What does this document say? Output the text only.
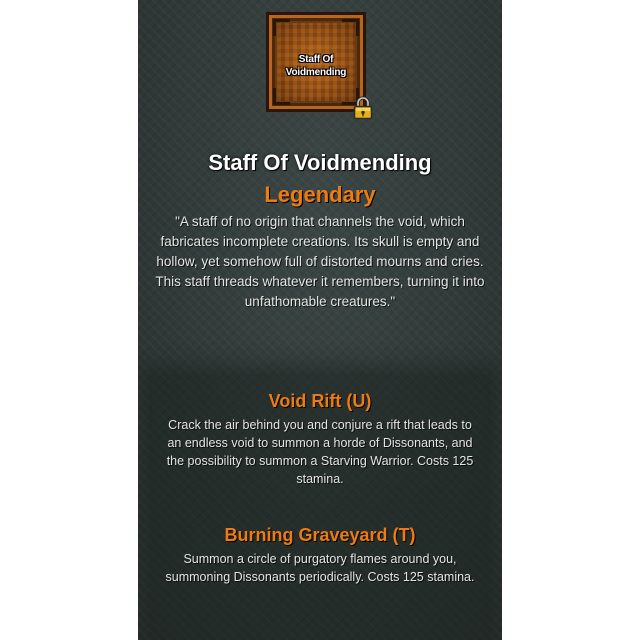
Staff Of Voidmending
Staff Of Voidmending
Legendary
"A staff of no origin that channels the void, which fabricates incomplete creations. Its skull is empty and hollow, yet somehow full of distorted mourns and cries. This staff threads whatever it remembers, turning it into unfathomable creatures."
Void Rift (U)
Crack the air behind you and conjure a rift that leads to an endless void to summon a horde of Dissonants, and the possibility to summon a Starving Warrior. Costs 125 stamina.
Burning Graveyard (T)
Summon a circle of purgatory flames around you, summoning Dissonants periodically. Costs 125 stamina.
